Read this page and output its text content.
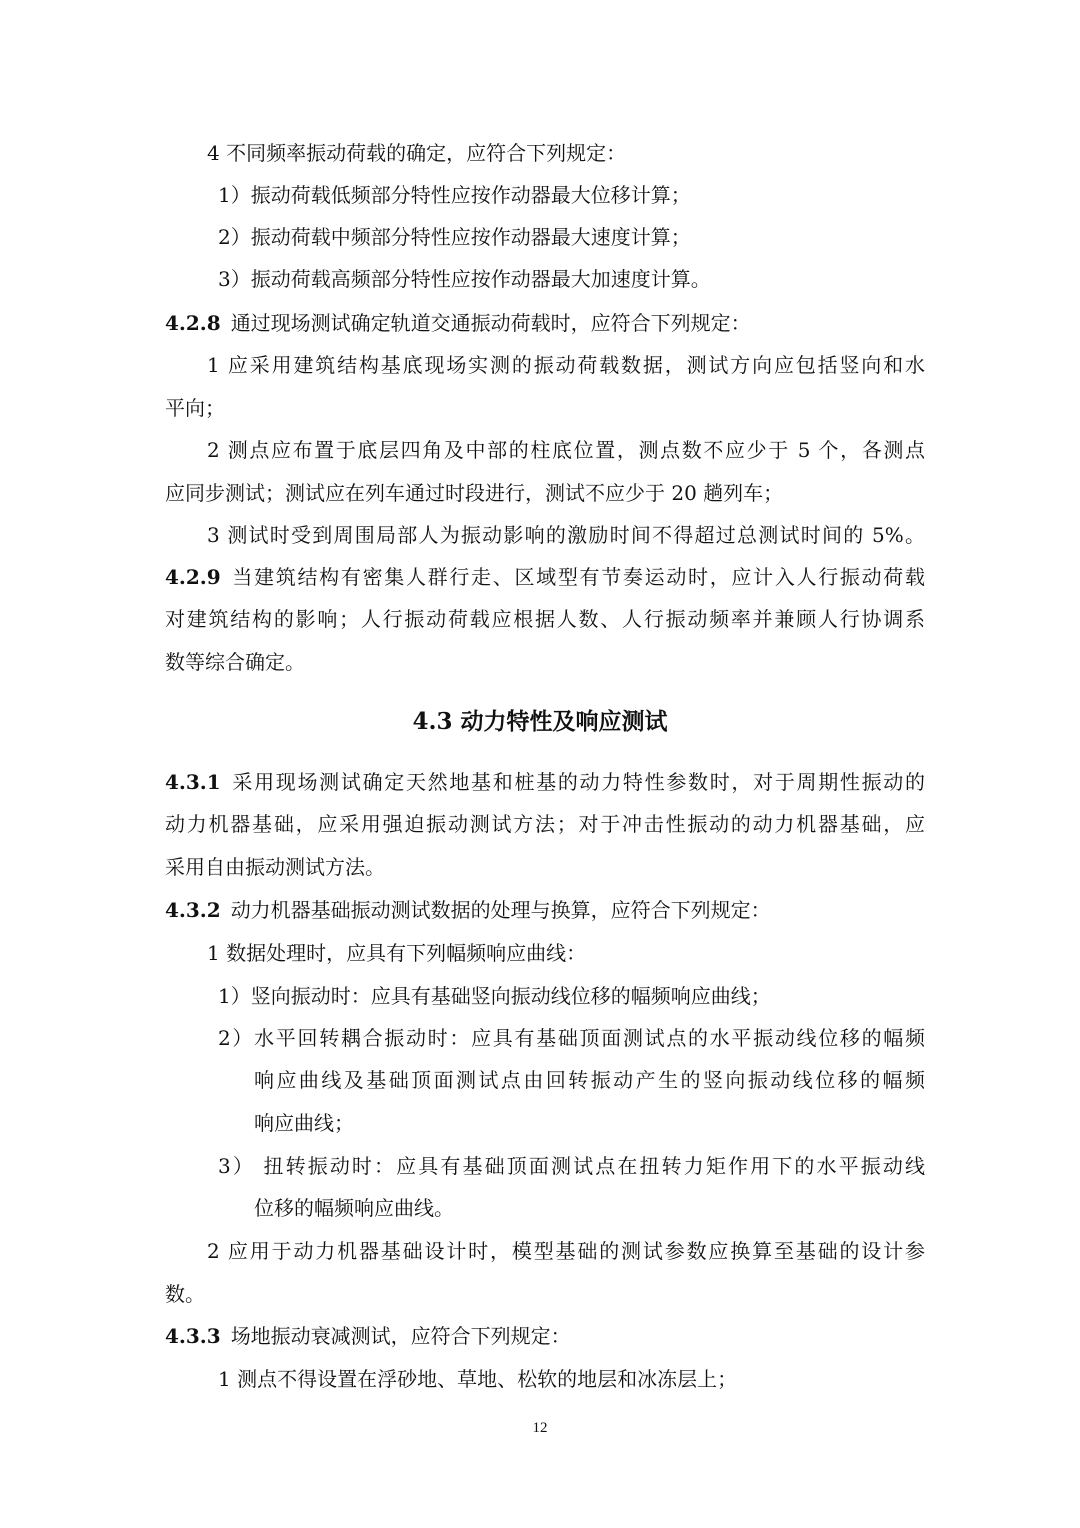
4 不同频率振动荷载的确定，应符合下列规定：
1）振动荷载低频部分特性应按作动器最大位移计算；
2）振动荷载中频部分特性应按作动器最大速度计算；
3）振动荷载高频部分特性应按作动器最大加速度计算。
4.2.8 通过现场测试确定轨道交通振动荷载时，应符合下列规定：
1 应采用建筑结构基底现场实测的振动荷载数据，测试方向应包括竖向和水
平向；
2 测点应布置于底层四角及中部的柱底位置，测点数不应少于 5 个，各测点
应同步测试；测试应在列车通过时段进行，测试不应少于 20 趟列车；
3 测试时受到周围局部人为振动影响的激励时间不得超过总测试时间的 5%。
4.2.9 当建筑结构有密集人群行走、区域型有节奏运动时，应计入人行振动荷载
对建筑结构的影响；人行振动荷载应根据人数、人行振动频率并兼顾人行协调系
数等综合确定。
4.3 动力特性及响应测试
4.3.1 采用现场测试确定天然地基和桩基的动力特性参数时，对于周期性振动的
动力机器基础，应采用强迫振动测试方法；对于冲击性振动的动力机器基础，应
采用自由振动测试方法。
4.3.2 动力机器基础振动测试数据的处理与换算，应符合下列规定：
1 数据处理时，应具有下列幅频响应曲线：
1）竖向振动时：应具有基础竖向振动线位移的幅频响应曲线；
2）水平回转耦合振动时：应具有基础顶面测试点的水平振动线位移的幅频
响应曲线及基础顶面测试点由回转振动产生的竖向振动线位移的幅频
响应曲线；
3） 扭转振动时：应具有基础顶面测试点在扭转力矩作用下的水平振动线
位移的幅频响应曲线。
2 应用于动力机器基础设计时，模型基础的测试参数应换算至基础的设计参
数。
4.3.3 场地振动衰减测试，应符合下列规定：
1 测点不得设置在浮砂地、草地、松软的地层和冰冻层上；
12
